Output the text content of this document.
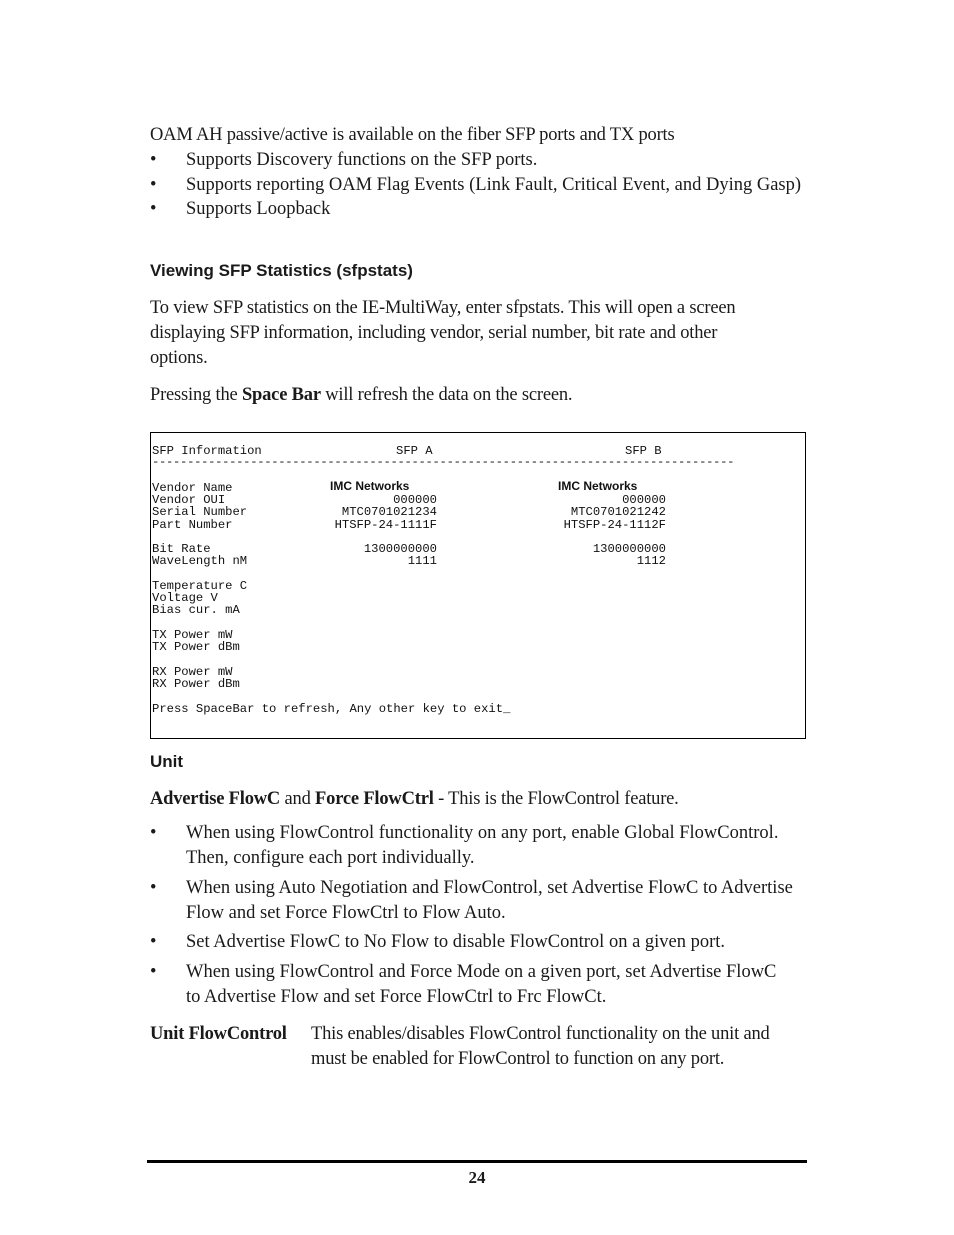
OAM AH passive/active is available on the fiber SFP ports and TX ports
•	Supports Discovery functions on the SFP ports.
•	Supports reporting OAM Flag Events (Link Fault, Critical Event, and Dying Gasp)
•	Supports Loopback
Viewing SFP Statistics (sfpstats)
To view SFP statistics on the IE-MultiWay, enter sfpstats. This will open a screen
displaying SFP information, including vendor, serial number, bit rate and other
options.
Pressing the Space Bar will refresh the data on the screen.
SFP Information	SFP A	SFP B
-----------------------------------------------------------------------------------
Vendor Name	IMC Networks	IMC Networks
Vendor OUI	000000	000000
Serial Number	MTC0701021234	MTC0701021242
Part Number	HTSFP-24-1111F	HTSFP-24-1112F
Bit Rate	1300000000	1300000000
WaveLength nM	1111	1112
Temperature C
Voltage V
Bias cur. mA
TX Power mW
TX Power dBm
RX Power mW
RX Power dBm
Press SpaceBar to refresh, Any other key to exit_
Unit
Advertise FlowC and Force FlowCtrl - This is the FlowControl feature.
•	When using FlowControl functionality on any port, enable Global FlowControl.
Then, configure each port individually.
•	When using Auto Negotiation and FlowControl, set Advertise FlowC to Advertise
Flow and set Force FlowCtrl to Flow Auto.
•	Set Advertise FlowC to No Flow to disable FlowControl on a given port.
•	When using FlowControl and Force Mode on a given port, set Advertise FlowC
to Advertise Flow and set Force FlowCtrl to Frc FlowCt.
Unit FlowControl This enables/disables FlowControl functionality on the unit and
must be enabled for FlowControl to function on any port.
24
